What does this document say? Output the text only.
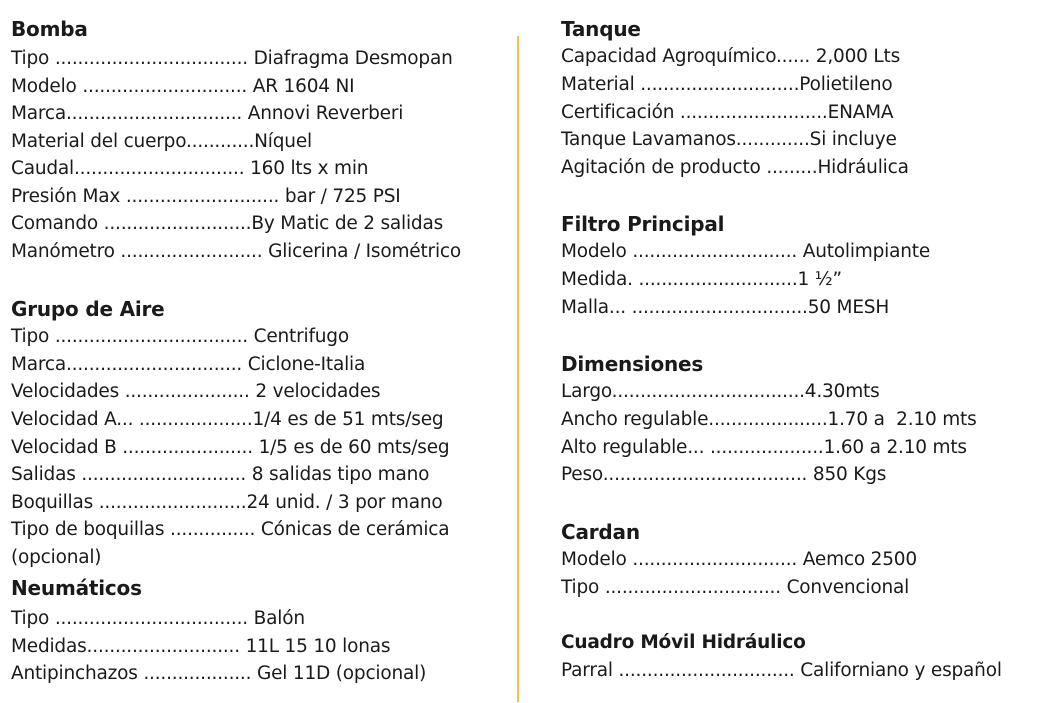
Bomba
Tipo .................................. Diafragma Desmopan
Modelo ............................. AR 1604 NI
Marca............................... Annovi Reverberi
Material del cuerpo............Níquel
Caudal.............................. 160 lts x min
Presión Max ........................... bar / 725 PSI
Comando ..........................By Matic de 2 salidas
Manómetro ......................... Glicerina / Isométrico
Grupo de Aire
Tipo .................................. Centrifugo
Marca............................... Ciclone-Italia
Velocidades ...................... 2 velocidades
Velocidad A... ....................1/4 es de 51 mts/seg
Velocidad B ....................... 1/5 es de 60 mts/seg
Salidas ............................. 8 salidas tipo mano
Boquillas ..........................24 unid. / 3 por mano
Tipo de boquillas ............... Cónicas de cerámica
(opcional)
Neumáticos
Tipo .................................. Balón
Medidas........................... 11L 15 10 lonas
Antipinchazos ................... Gel 11D (opcional)
Tanque
Capacidad Agroquímico...... 2,000 Lts
Material ............................Polietileno
Certificación ..........................ENAMA
Tanque Lavamanos.............Si incluye
Agitación de producto .........Hidráulica
Filtro Principal
Modelo ............................. Autolimpiante
Medida. ............................1 ½”
Malla... ...............................50 MESH
Dimensiones
Largo..................................4.30mts
Ancho regulable.....................1.70 a  2.10 mts
Alto regulable... ....................1.60 a 2.10 mts
Peso.................................... 850 Kgs
Cardan
Modelo ............................. Aemco 2500
Tipo ............................... Convencional
Cuadro Móvil Hidráulico
Parral ............................... Californiano y español
